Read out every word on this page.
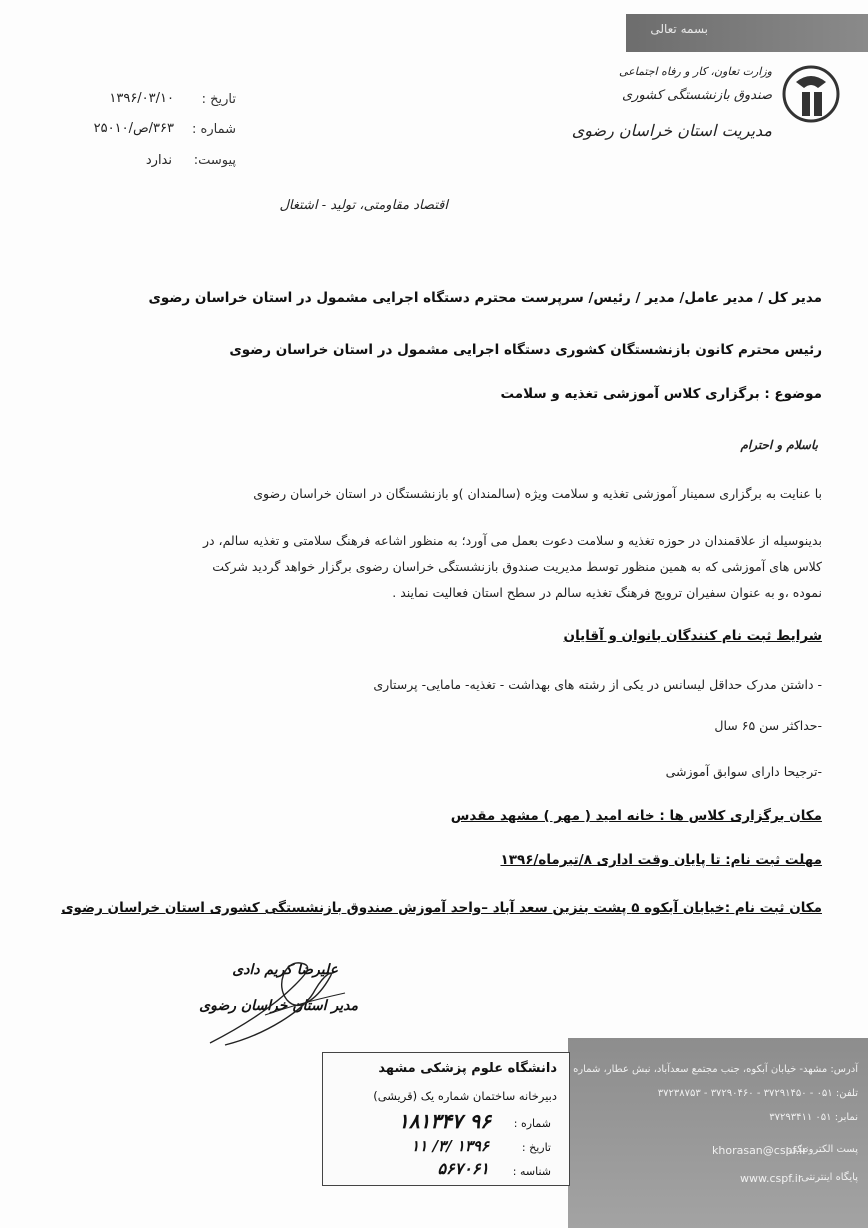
بسمه تعالی
وزارت تعاون، کار و رفاه اجتماعی
صندوق بازنشستگی کشوری
مدیریت استان خراسان رضوی
تاریخ :
۱۳۹۶/۰۳/۱۰
شماره :
۳۶۳/ص/۲۵۰۱۰
پیوست:
ندارد
اقتصاد مقاومتی، تولید - اشتغال
مدیر کل / مدیر عامل/ مدیر / رئیس/ سرپرست محترم دستگاه اجرایی مشمول در استان خراسان رضوی
رئیس محترم کانون بازنشستگان کشوری دستگاه اجرایی مشمول در استان خراسان رضوی
موضوع : برگزاری کلاس آموزشی تغذیه و سلامت
باسلام و احترام
با عنایت به برگزاری سمینار آموزشی تغذیه و سلامت ویژه (سالمندان )و بازنشستگان در استان خراسان رضوی
بدینوسیله از علاقمندان در حوزه تغذیه و سلامت دعوت بعمل می آورد؛ به منظور اشاعه فرهنگ سلامتی و تغذیه سالم، در
کلاس های آموزشی که به همین منظور توسط مدیریت صندوق بازنشستگی خراسان رضوی برگزار خواهد گردید شرکت
نموده ،و به عنوان سفیران ترویج فرهنگ تغذیه سالم در سطح استان فعالیت نمایند .
شرایط ثبت نام کنندگان بانوان و آقایان
- داشتن مدرک حداقل لیسانس در یکی از رشته های بهداشت - تغذیه- مامایی- پرستاری
-حداکثر سن ۶۵ سال
-ترجیحا دارای سوابق آموزشی
مکان برگزاری کلاس ها : خانه امید ( مهر ) مشهد مقدس
مهلت ثبت نام: تا پایان وقت اداری ۸/تیرماه/۱۳۹۶
مکان ثبت نام :خیابان آبکوه ۵ پشت بنزین سعد آباد –واحد آموزش صندوق بازنشستگی کشوری استان خراسان رضوی
علیرضا کریم دادی
مدیر استان خراسان رضوی
آدرس: مشهد- خیابان آبکوه، جنب مجتمع سعدآباد، نبش عطار، شماره
تلفن: ۰۵۱ - ۳۷۲۹۱۴۵۰ - ۳۷۲۹۰۴۶۰ - ۳۷۲۳۸۷۵۳
نمابر: ۰۵۱ ۳۷۲۹۳۴۱۱
پست الکترونیکی:
khorasan@cspf.ir
پایگاه اینترنتی:
www.cspf.ir
دانشگاه علوم پزشکی مشهد
دبیرخانه ساختمان شماره یک (قریشی)
شماره :
۹۶ ۱۸۱۳۴۷
تاریخ :
۱۳۹۶ /۳/ ۱۱
شناسه :
۵۶۷۰۶۱
